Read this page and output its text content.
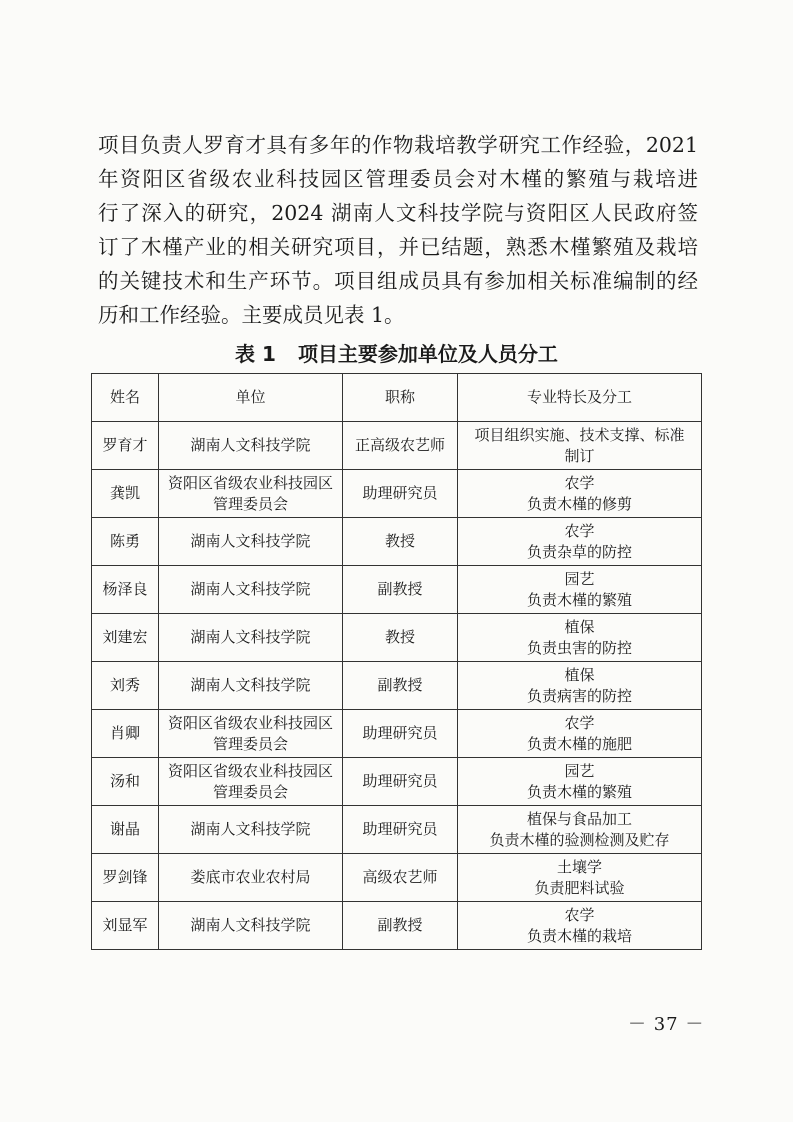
项目负责人罗育才具有多年的作物栽培教学研究工作经验，2021
年资阳区省级农业科技园区管理委员会对木槿的繁殖与栽培进
行了深入的研究，2024 湖南人文科技学院与资阳区人民政府签
订了木槿产业的相关研究项目，并已结题，熟悉木槿繁殖及栽培
的关键技术和生产环节。项目组成员具有参加相关标准编制的经
历和工作经验。主要成员见表 1。
表 1 项目主要参加单位及人员分工
姓名	单位	职称	专业特长及分工
罗育才	湖南人文科技学院	正高级农艺师	项目组织实施、技术支撑、标准
制订

龚凯	资阳区省级农业科技园区管理委员会	助理研究员	农学
负责木槿的修剪

陈勇	湖南人文科技学院	教授	农学
负责杂草的防控

杨泽良	湖南人文科技学院	副教授	园艺
负责木槿的繁殖

刘建宏	湖南人文科技学院	教授	植保
负责虫害的防控

刘秀	湖南人文科技学院	副教授	植保
负责病害的防控

肖卿	资阳区省级农业科技园区管理委员会	助理研究员	农学
负责木槿的施肥

汤和	资阳区省级农业科技园区管理委员会	助理研究员	园艺
负责木槿的繁殖

谢晶	湖南人文科技学院	助理研究员	植保与食品加工
负责木槿的验测检测及贮存

罗剑锋	娄底市农业农村局	高级农艺师	土壤学
负责肥料试验

刘显军	湖南人文科技学院	副教授	农学
负责木槿的栽培
－ 37 －
